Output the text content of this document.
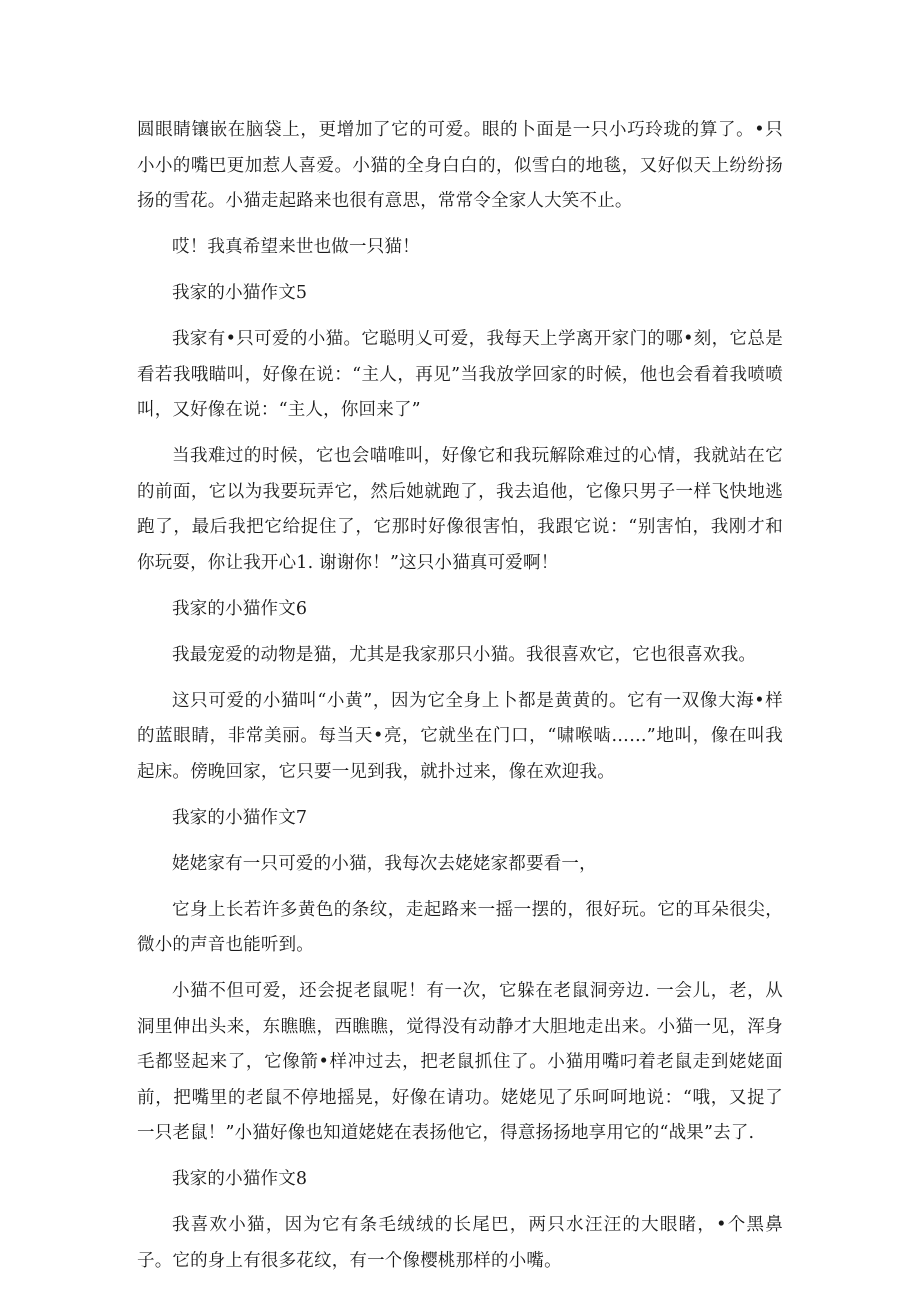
圆眼睛镶嵌在脑袋上，更增加了它的可爱。眼的卜面是一只小巧玲珑的算了。•只小小的嘴巴更加惹人喜爱。小猫的全身白白的，似雪白的地毯，又好似天上纷纷扬扬的雪花。小猫走起路来也很有意思，常常令全家人大笑不止。

哎！我真希望来世也做一只猫！

我家的小猫作文5

我家有•只可爱的小猫。它聪明乂可爱，我每天上学离开家门的哪•刻，它总是看若我哦瞄叫，好像在说：“主人，再见”当我放学回家的时候，他也会看着我喷喷叫，又好像在说：“主人，你回来了”

当我难过的时候，它也会喵唯叫，好像它和我玩解除难过的心情，我就站在它的前面，它以为我要玩弄它，然后她就跑了，我去追他，它像只男子一样飞快地逃跑了，最后我把它给捉住了，它那时好像很害怕，我跟它说：“别害怕，我刚才和你玩耍，你让我开心1. 谢谢你！”这只小猫真可爱啊！

我家的小猫作文6

我最宠爱的动物是猫，尤其是我家那只小猫。我很喜欢它，它也很喜欢我。

这只可爱的小猫叫“小黄”，因为它全身上卜都是黄黄的。它有一双像大海•样的蓝眼睛，非常美丽。每当天•亮，它就坐在门口，“啸喉啮……”地叫，像在叫我起床。傍晚回家，它只要一见到我，就扑过来，像在欢迎我。

我家的小猫作文7

姥姥家有一只可爱的小猫，我每次去姥姥家都要看一，

它身上长若许多黄色的条纹，走起路来一摇一摆的，很好玩。它的耳朵很尖，微小的声音也能听到。

小猫不但可爱，还会捉老鼠呢！有一次，它躲在老鼠洞旁边. 一会儿，老，从洞里伸出头来，东瞧瞧，西瞧瞧，觉得没有动静才大胆地走出来。小猫一见，浑身毛都竖起来了，它像箭•样冲过去，把老鼠抓住了。小猫用嘴叼着老鼠走到姥姥面前，把嘴里的老鼠不停地摇晃，好像在请功。姥姥见了乐呵呵地说：“哦，又捉了一只老鼠！”小猫好像也知道姥姥在表扬他它，得意扬扬地享用它的“战果”去了.

我家的小猫作文8

我喜欢小猫，因为它有条毛绒绒的长尾巴，两只水汪汪的大眼睹，•个黑鼻子。它的身上有很多花纹，有一个像樱桃那样的小嘴。
